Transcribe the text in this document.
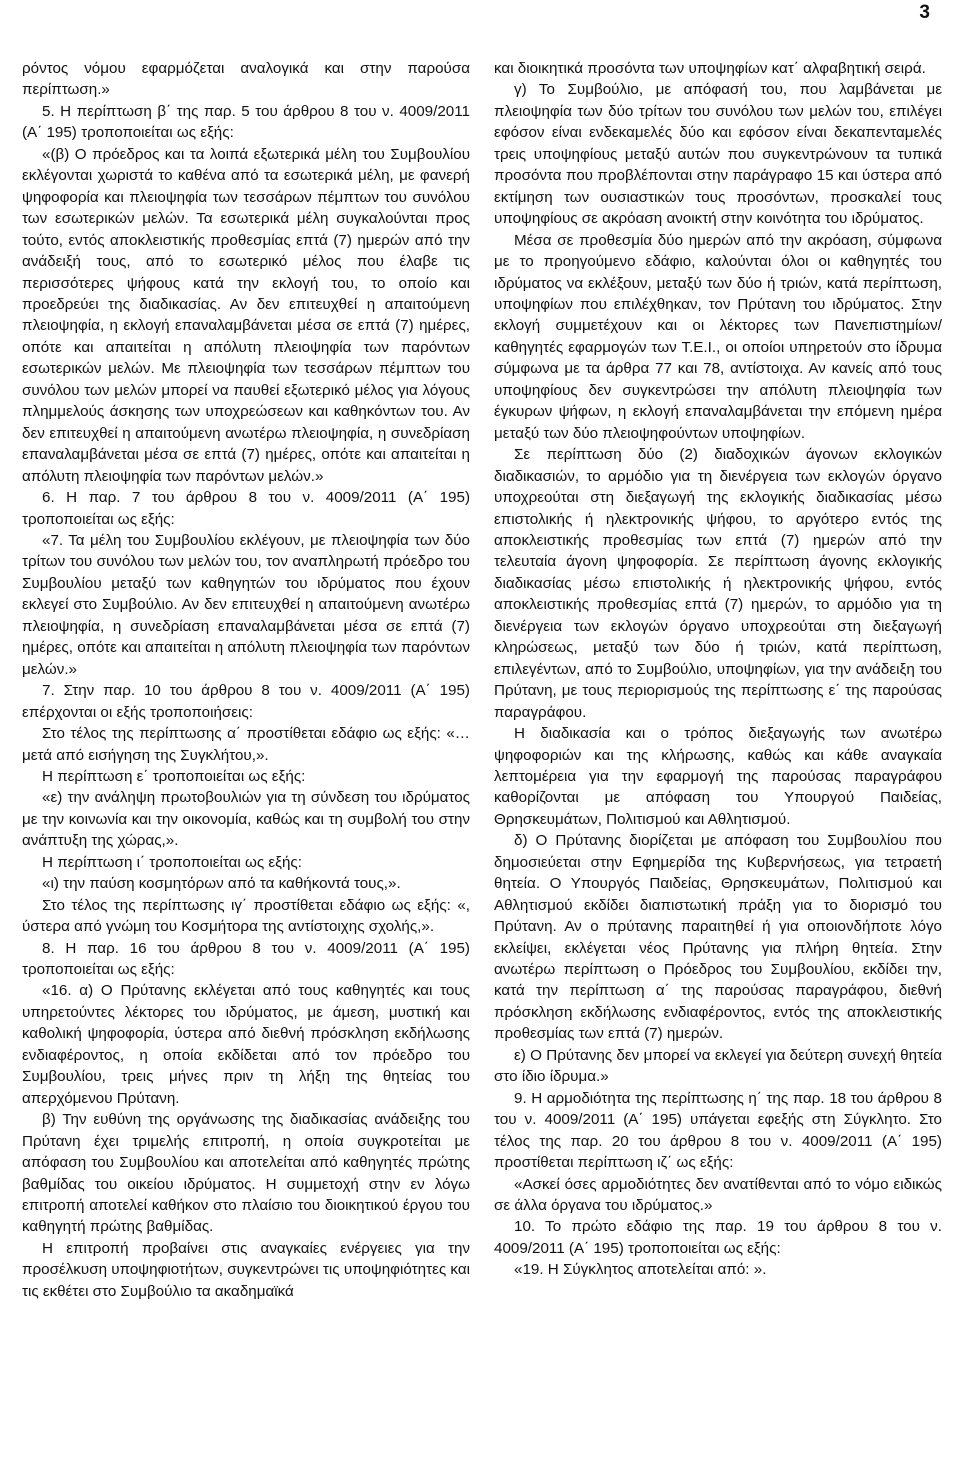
3

ρόντος νόμου εφαρμόζεται αναλογικά και στην παρούσα περίπτωση.»

5. Η περίπτωση β΄ της παρ. 5 του άρθρου 8 του ν. 4009/2011 (Α΄ 195) τροποποιείται ως εξής:

«(β) Ο πρόεδρος και τα λοιπά εξωτερικά μέλη του Συμβουλίου εκλέγονται χωριστά το καθένα από τα εσωτερικά μέλη, με φανερή ψηφοφορία και πλειοψηφία των τεσσάρων πέμπτων του συνόλου των εσωτερικών μελών. Τα εσωτερικά μέλη συγκαλούνται προς τούτο, εντός αποκλειστικής προθεσμίας επτά (7) ημερών από την ανάδειξή τους, από το εσωτερικό μέλος που έλαβε τις περισσότερες ψήφους κατά την εκλογή του, το οποίο και προεδρεύει της διαδικασίας. Αν δεν επιτευχθεί η απαιτούμενη πλειοψηφία, η εκλογή επαναλαμβάνεται μέσα σε επτά (7) ημέρες, οπότε και απαιτείται η απόλυτη πλειοψηφία των παρόντων εσωτερικών μελών. Με πλειοψηφία των τεσσάρων πέμπτων του συνόλου των μελών μπορεί να παυθεί εξωτερικό μέλος για λόγους πλημμελούς άσκησης των υποχρεώσεων και καθηκόντων του. Αν δεν επιτευχθεί η απαιτούμενη ανωτέρω πλειοψηφία, η συνεδρίαση επαναλαμβάνεται μέσα σε επτά (7) ημέρες, οπότε και απαιτείται η απόλυτη πλειοψηφία των παρόντων μελών.»

6. Η παρ. 7 του άρθρου 8 του ν. 4009/2011 (Α΄ 195) τροποποιείται ως εξής:

«7. Τα μέλη του Συμβουλίου εκλέγουν, με πλειοψηφία των δύο τρίτων του συνόλου των μελών του, τον αναπληρωτή πρόεδρο του Συμβουλίου μεταξύ των καθηγητών του ιδρύματος που έχουν εκλεγεί στο Συμβούλιο. Αν δεν επιτευχθεί η απαιτούμενη ανωτέρω πλειοψηφία, η συνεδρίαση επαναλαμβάνεται μέσα σε επτά (7) ημέρες, οπότε και απαιτείται η απόλυτη πλειοψηφία των παρόντων μελών.»

7. Στην παρ. 10 του άρθρου 8 του ν. 4009/2011 (Α΄ 195) επέρχονται οι εξής τροποποιήσεις:

Στο τέλος της περίπτωσης α΄ προστίθεται εδάφιο ως εξής: «…μετά από εισήγηση της Συγκλήτου,».

Η περίπτωση ε΄ τροποποιείται ως εξής:

«ε) την ανάληψη πρωτοβουλιών για τη σύνδεση του ιδρύματος με την κοινωνία και την οικονομία, καθώς και τη συμβολή του στην ανάπτυξη της χώρας,».

Η περίπτωση ι΄ τροποποιείται ως εξής:

«ι) την παύση κοσμητόρων από τα καθήκοντά τους,».

Στο τέλος της περίπτωσης ιγ΄ προστίθεται εδάφιο ως εξής: «, ύστερα από γνώμη του Κοσμήτορα της αντίστοιχης σχολής,».

8. Η παρ. 16 του άρθρου 8 του ν. 4009/2011 (Α΄ 195) τροποποιείται ως εξής:

«16. α) Ο Πρύτανης εκλέγεται από τους καθηγητές και τους υπηρετούντες λέκτορες του ιδρύματος, με άμεση, μυστική και καθολική ψηφοφορία, ύστερα από διεθνή πρόσκληση εκδήλωσης ενδιαφέροντος, η οποία εκδίδεται από τον πρόεδρο του Συμβουλίου, τρεις μήνες πριν τη λήξη της θητείας του απερχόμενου Πρύτανη.

β) Την ευθύνη της οργάνωσης της διαδικασίας ανάδειξης του Πρύτανη έχει τριμελής επιτροπή, η οποία συγκροτείται με απόφαση του Συμβουλίου και αποτελείται από καθηγητές πρώτης βαθμίδας του οικείου ιδρύματος. Η συμμετοχή στην εν λόγω επιτροπή αποτελεί καθήκον στο πλαίσιο του διοικητικού έργου του καθηγητή πρώτης βαθμίδας.

Η επιτροπή προβαίνει στις αναγκαίες ενέργειες για την προσέλκυση υποψηφιοτήτων, συγκεντρώνει τις υποψηφιότητες και τις εκθέτει στο Συμβούλιο τα ακαδημαϊκά

και διοικητικά προσόντα των υποψηφίων κατ΄ αλφαβητική σειρά.

γ) Το Συμβούλιο, με απόφασή του, που λαμβάνεται με πλειοψηφία των δύο τρίτων του συνόλου των μελών του, επιλέγει εφόσον είναι ενδεκαμελές δύο και εφόσον είναι δεκαπενταμελές τρεις υποψηφίους μεταξύ αυτών που συγκεντρώνουν τα τυπικά προσόντα που προβλέπονται στην παράγραφο 15 και ύστερα από εκτίμηση των ουσιαστικών τους προσόντων, προσκαλεί τους υποψηφίους σε ακρόαση ανοικτή στην κοινότητα του ιδρύματος.

Μέσα σε προθεσμία δύο ημερών από την ακρόαση, σύμφωνα με το προηγούμενο εδάφιο, καλούνται όλοι οι καθηγητές του ιδρύματος να εκλέξουν, μεταξύ των δύο ή τριών, κατά περίπτωση, υποψηφίων που επιλέχθηκαν, τον Πρύτανη του ιδρύματος. Στην εκλογή συμμετέχουν και οι λέκτορες των Πανεπιστημίων/καθηγητές εφαρμογών των Τ.Ε.Ι., οι οποίοι υπηρετούν στο ίδρυμα σύμφωνα με τα άρθρα 77 και 78, αντίστοιχα. Αν κανείς από τους υποψηφίους δεν συγκεντρώσει την απόλυτη πλειοψηφία των έγκυρων ψήφων, η εκλογή επαναλαμβάνεται την επόμενη ημέρα μεταξύ των δύο πλειοψηφούντων υποψηφίων.

Σε περίπτωση δύο (2) διαδοχικών άγονων εκλογικών διαδικασιών, το αρμόδιο για τη διενέργεια των εκλογών όργανο υποχρεούται στη διεξαγωγή της εκλογικής διαδικασίας μέσω επιστολικής ή ηλεκτρονικής ψήφου, το αργότερο εντός της αποκλειστικής προθεσμίας των επτά (7) ημερών από την τελευταία άγονη ψηφοφορία. Σε περίπτωση άγονης εκλογικής διαδικασίας μέσω επιστολικής ή ηλεκτρονικής ψήφου, εντός αποκλειστικής προθεσμίας επτά (7) ημερών, το αρμόδιο για τη διενέργεια των εκλογών όργανο υποχρεούται στη διεξαγωγή κληρώσεως, μεταξύ των δύο ή τριών, κατά περίπτωση, επιλεγέντων, από το Συμβούλιο, υποψηφίων, για την ανάδειξη του Πρύτανη, με τους περιορισμούς της περίπτωσης ε΄ της παρούσας παραγράφου.

Η διαδικασία και ο τρόπος διεξαγωγής των ανωτέρω ψηφοφοριών και της κλήρωσης, καθώς και κάθε αναγκαία λεπτομέρεια για την εφαρμογή της παρούσας παραγράφου καθορίζονται με απόφαση του Υπουργού Παιδείας, Θρησκευμάτων, Πολιτισμού και Αθλητισμού.

δ) Ο Πρύτανης διορίζεται με απόφαση του Συμβουλίου που δημοσιεύεται στην Εφημερίδα της Κυβερνήσεως, για τετραετή θητεία. Ο Υπουργός Παιδείας, Θρησκευμάτων, Πολιτισμού και Αθλητισμού εκδίδει διαπιστωτική πράξη για το διορισμό του Πρύτανη. Αν ο πρύτανης παραιτηθεί ή για οποιονδήποτε λόγο εκλείψει, εκλέγεται νέος Πρύτανης για πλήρη θητεία. Στην ανωτέρω περίπτωση ο Πρόεδρος του Συμβουλίου, εκδίδει την, κατά την περίπτωση α΄ της παρούσας παραγράφου, διεθνή πρόσκληση εκδήλωσης ενδιαφέροντος, εντός της αποκλειστικής προθεσμίας των επτά (7) ημερών.

ε) Ο Πρύτανης δεν μπορεί να εκλεγεί για δεύτερη συνεχή θητεία στο ίδιο ίδρυμα.»

9. Η αρμοδιότητα της περίπτωσης η΄ της παρ. 18 του άρθρου 8 του ν. 4009/2011 (Α΄ 195) υπάγεται εφεξής στη Σύγκλητο. Στο τέλος της παρ. 20 του άρθρου 8 του ν. 4009/2011 (Α΄ 195) προστίθεται περίπτωση ιζ΄ ως εξής:

«Ασκεί όσες αρμοδιότητες δεν ανατίθενται από το νόμο ειδικώς σε άλλα όργανα του ιδρύματος.»

10. Το πρώτο εδάφιο της παρ. 19 του άρθρου 8 του ν. 4009/2011 (Α΄ 195) τροποποιείται ως εξής:

«19. Η Σύγκλητος αποτελείται από: ».
